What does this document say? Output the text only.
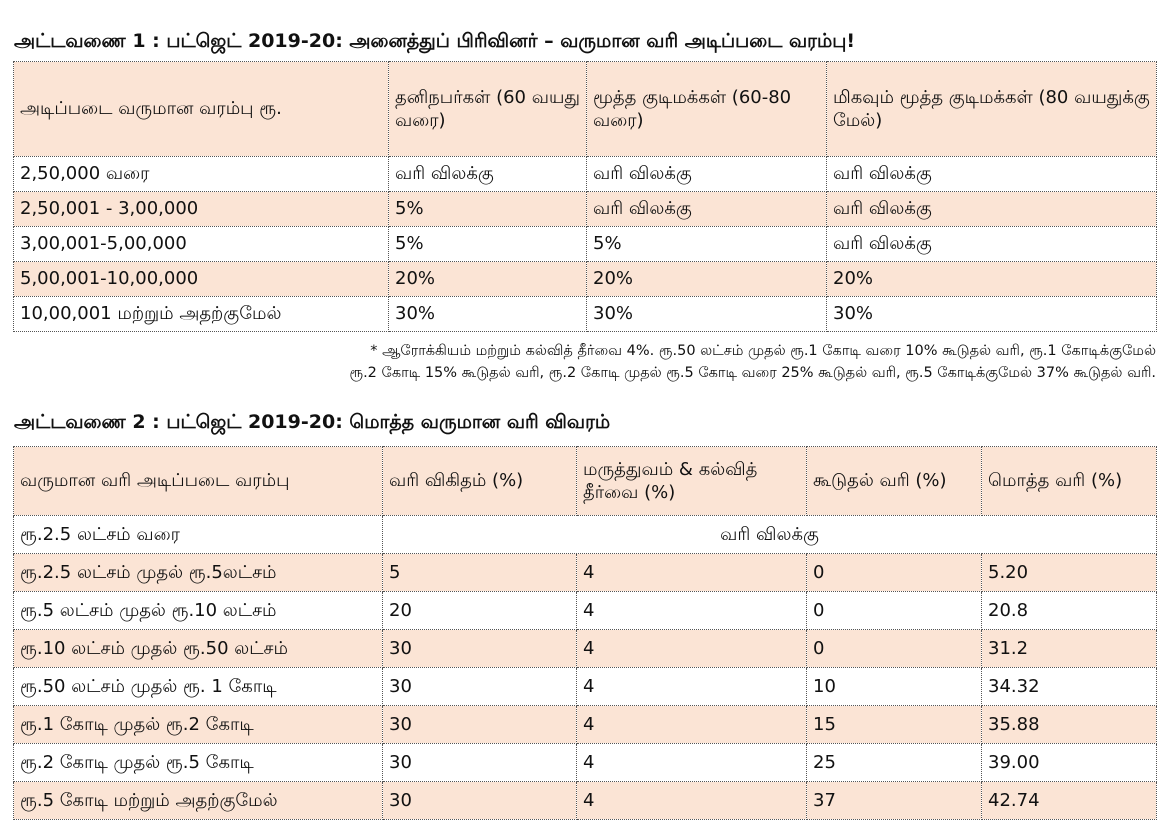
அட்டவணை 1 : பட்ஜெட் 2019-20: அனைத்துப் பிரிவினர் – வருமான வரி அடிப்படை வரம்பு!
அடிப்படை வருமான வரம்பு ரூ.	தனிநபர்கள் (60 வயது வரை)	மூத்த குடிமக்கள் (60-80 வரை)	மிகவும் மூத்த குடிமக்கள் (80 வயதுக்கு மேல்)
2,50,000 வரை	வரி விலக்கு	வரி விலக்கு	வரி விலக்கு
2,50,001 - 3,00,000	5%	வரி விலக்கு	வரி விலக்கு
3,00,001-5,00,000	5%	5%	வரி விலக்கு
5,00,001-10,00,000	20%	20%	20%
10,00,001 மற்றும் அதற்குமேல்	30%	30%	30%
* ஆரோக்கியம் மற்றும் கல்வித் தீர்வை 4%. ரூ.50 லட்சம் முதல் ரூ.1 கோடி வரை 10% கூடுதல் வரி, ரூ.1 கோடிக்குமேல்
ரூ.2 கோடி 15% கூடுதல் வரி, ரூ.2 கோடி முதல் ரூ.5 கோடி வரை 25% கூடுதல் வரி, ரூ.5 கோடிக்குமேல் 37% கூடுதல் வரி.
அட்டவணை 2 : பட்ஜெட் 2019-20: மொத்த வருமான வரி விவரம்
வருமான வரி அடிப்படை வரம்பு	வரி விகிதம் (%)	மருத்துவம் & கல்வித் தீர்வை (%)	கூடுதல் வரி (%)	மொத்த வரி (%)
ரூ.2.5 லட்சம் வரை	வரி விலக்கு			
ரூ.2.5 லட்சம் முதல் ரூ.5லட்சம்	5	4	0	5.20
ரூ.5 லட்சம் முதல் ரூ.10 லட்சம்	20	4	0	20.8
ரூ.10 லட்சம் முதல் ரூ.50 லட்சம்	30	4	0	31.2
ரூ.50 லட்சம் முதல் ரூ. 1 கோடி	30	4	10	34.32
ரூ.1 கோடி முதல் ரூ.2 கோடி	30	4	15	35.88
ரூ.2 கோடி முதல் ரூ.5 கோடி	30	4	25	39.00
ரூ.5 கோடி மற்றும் அதற்குமேல்	30	4	37	42.74
